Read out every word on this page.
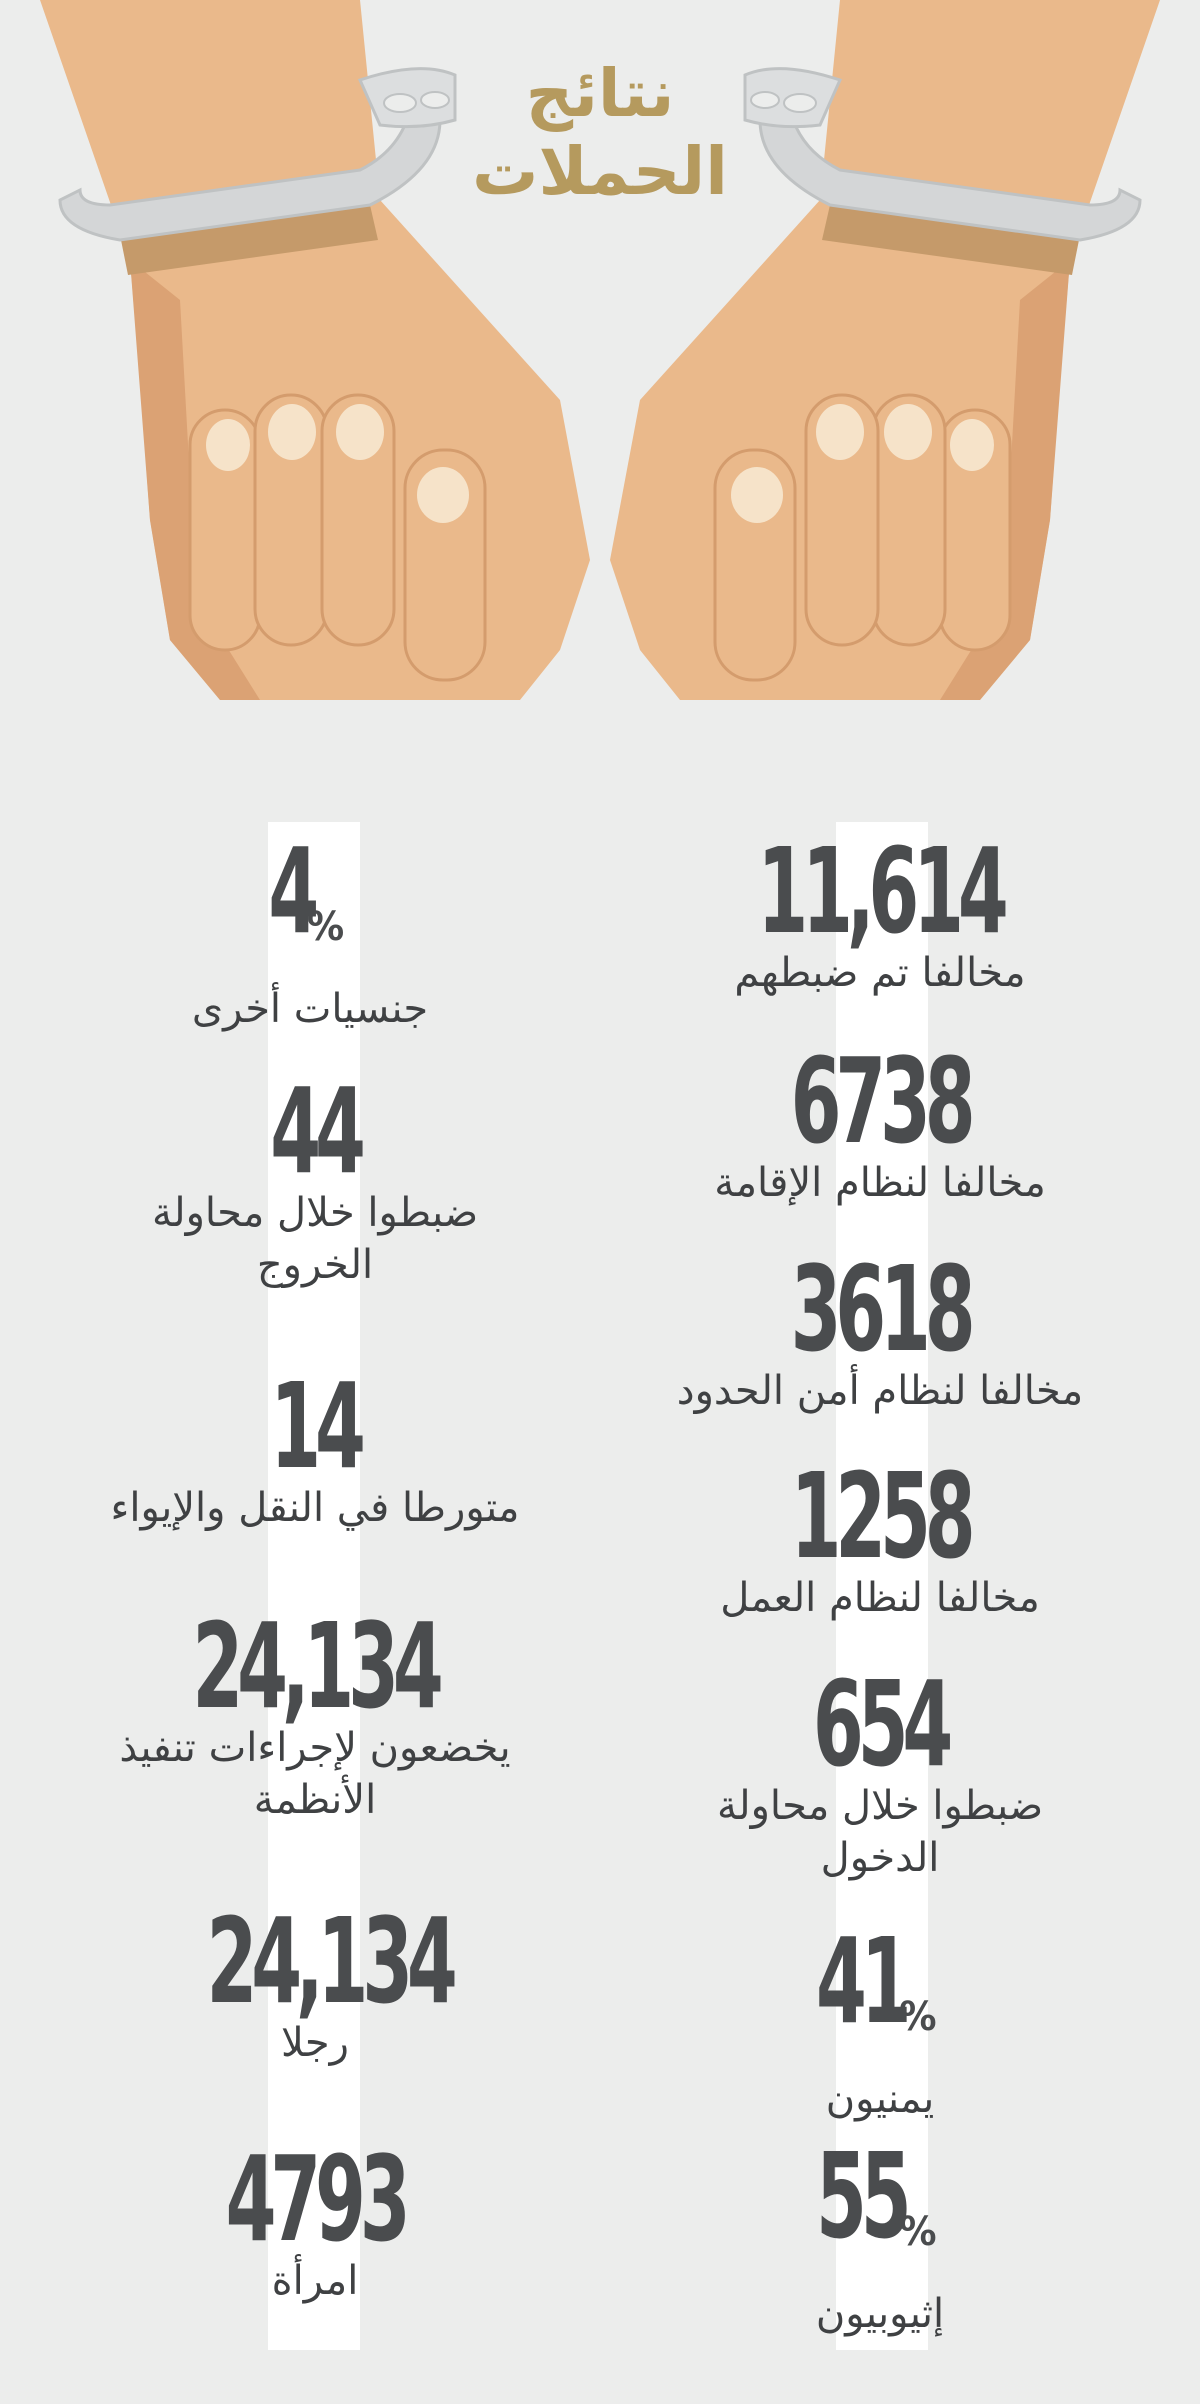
نتائج
الحملات
11,614
مخالفا تم ضبطهم
6738
مخالفا لنظام الإقامة
3618
مخالفا لنظام أمن الحدود
1258
مخالفا لنظام العمل
654
ضبطوا خلال محاولة الدخول
41%
يمنيون
55%
إثيوبيون
4%
جنسيات أخرى
44
ضبطوا خلال محاولة الخروج
14
متورطا في النقل والإيواء
24,134
يخضعون لإجراءات تنفيذ الأنظمة
24,134
رجلا
4793
امرأة
